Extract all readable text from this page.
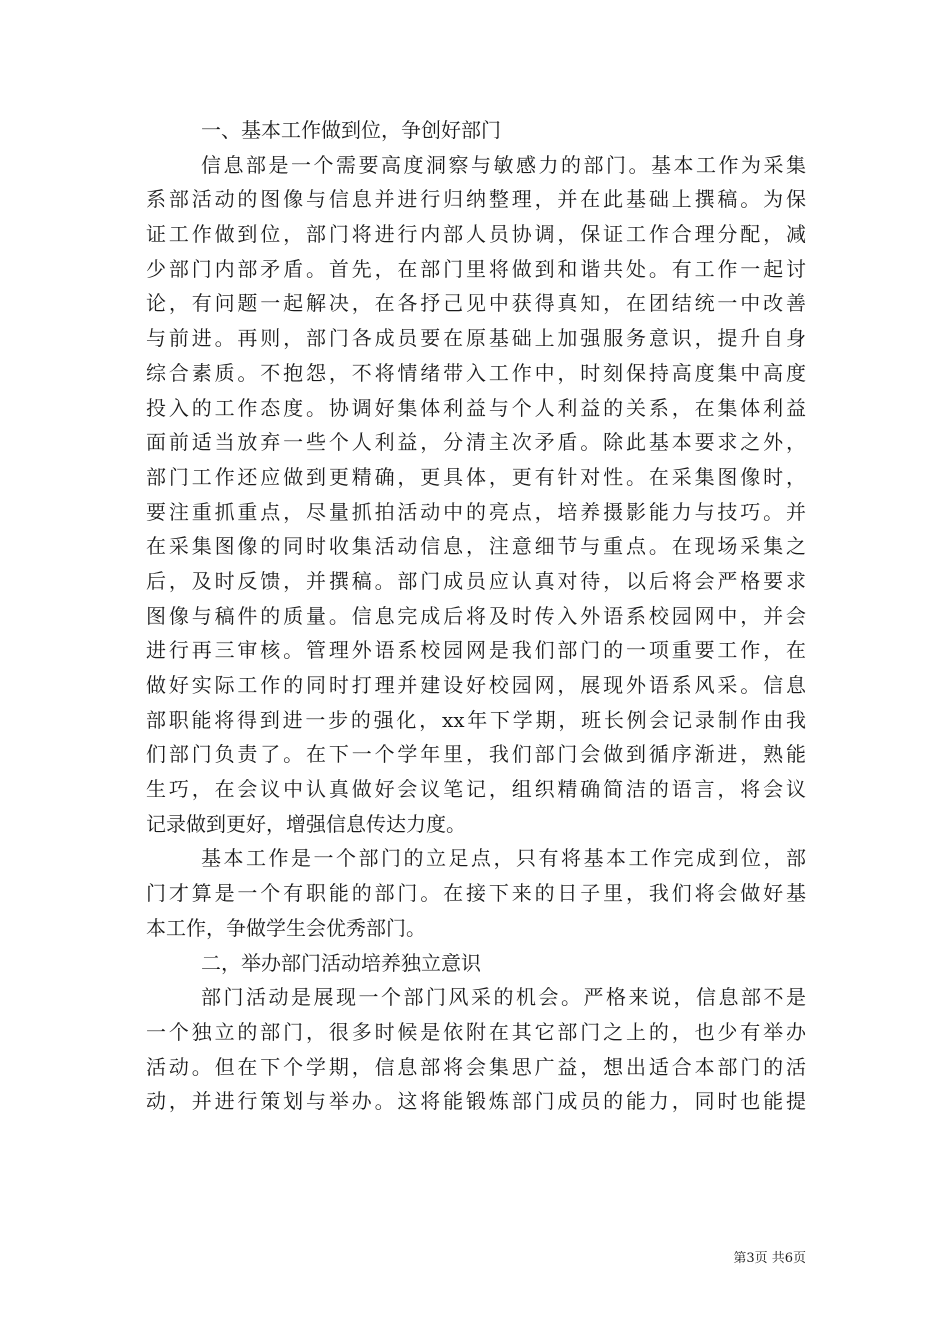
一、基本工作做到位，争创好部门
信息部是一个需要高度洞察与敏感力的部门。基本工作为采集
系部活动的图像与信息并进行归纳整理，并在此基础上撰稿。为保
证工作做到位，部门将进行内部人员协调，保证工作合理分配，减
少部门内部矛盾。首先，在部门里将做到和谐共处。有工作一起讨
论，有问题一起解决，在各抒己见中获得真知，在团结统一中改善
与前进。再则，部门各成员要在原基础上加强服务意识，提升自身
综合素质。不抱怨，不将情绪带入工作中，时刻保持高度集中高度
投入的工作态度。协调好集体利益与个人利益的关系，在集体利益
面前适当放弃一些个人利益，分清主次矛盾。除此基本要求之外，
部门工作还应做到更精确，更具体，更有针对性。在采集图像时，
要注重抓重点，尽量抓拍活动中的亮点，培养摄影能力与技巧。并
在采集图像的同时收集活动信息，注意细节与重点。在现场采集之
后，及时反馈，并撰稿。部门成员应认真对待，以后将会严格要求
图像与稿件的质量。信息完成后将及时传入外语系校园网中，并会
进行再三审核。管理外语系校园网是我们部门的一项重要工作，在
做好实际工作的同时打理并建设好校园网，展现外语系风采。信息
部职能将得到进一步的强化，xx年下学期，班长例会记录制作由我
们部门负责了。在下一个学年里，我们部门会做到循序渐进，熟能
生巧，在会议中认真做好会议笔记，组织精确简洁的语言，将会议
记录做到更好，增强信息传达力度。
基本工作是一个部门的立足点，只有将基本工作完成到位，部
门才算是一个有职能的部门。在接下来的日子里，我们将会做好基
本工作，争做学生会优秀部门。
二，举办部门活动培养独立意识
部门活动是展现一个部门风采的机会。严格来说，信息部不是
一个独立的部门，很多时候是依附在其它部门之上的，也少有举办
活动。但在下个学期，信息部将会集思广益，想出适合本部门的活
动，并进行策划与举办。这将能锻炼部门成员的能力，同时也能提
第3页 共6页
